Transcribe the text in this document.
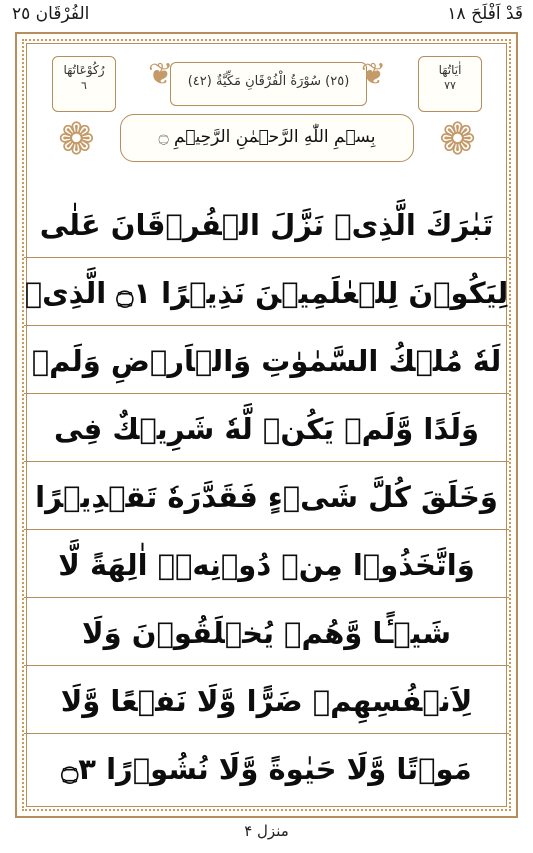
قَدْ اَفْلَحَ ١٨
الفُرْقَان ٢٥
اٰيَاتُهَا
٧٧
(٢٥) سُوْرَةُ الْفُرْقَانِ مَكِّيَّةٌ (٤٢)
رُكُوْعَاتُهَا
٦
❁	❁
❦	❦
بِسۡمِ اللّٰهِ الرَّحۡمٰنِ الرَّحِيۡمِ ۝
تَبٰرَكَ الَّذِىۡ نَزَّلَ الۡفُرۡقَانَ عَلٰى
لِيَكُوۡنَ لِلۡعٰلَمِيۡنَ نَذِيۡرًا ۝١ الَّذِىۡ
لَهٗ مُلۡكُ السَّمٰوٰتِ وَالۡاَرۡضِ وَلَمۡ
وَلَدًا وَّلَمۡ يَكُنۡ لَّهٗ شَرِيۡكٌ فِى
وَخَلَقَ كُلَّ شَىۡءٍ فَقَدَّرَهٗ تَقۡدِيۡرًا
وَاتَّخَذُوۡا مِنۡ دُوۡنِهٖۤ اٰلِهَةً لَّا
شَيۡـًٔا وَّهُمۡ يُخۡلَقُوۡنَ وَلَا
لِاَنۡفُسِهِمۡ ضَرًّا وَّلَا نَفۡعًا وَّلَا
مَوۡتًا وَّلَا حَيٰوةً وَّلَا نُشُوۡرًا ۝٣
منزل ۴
